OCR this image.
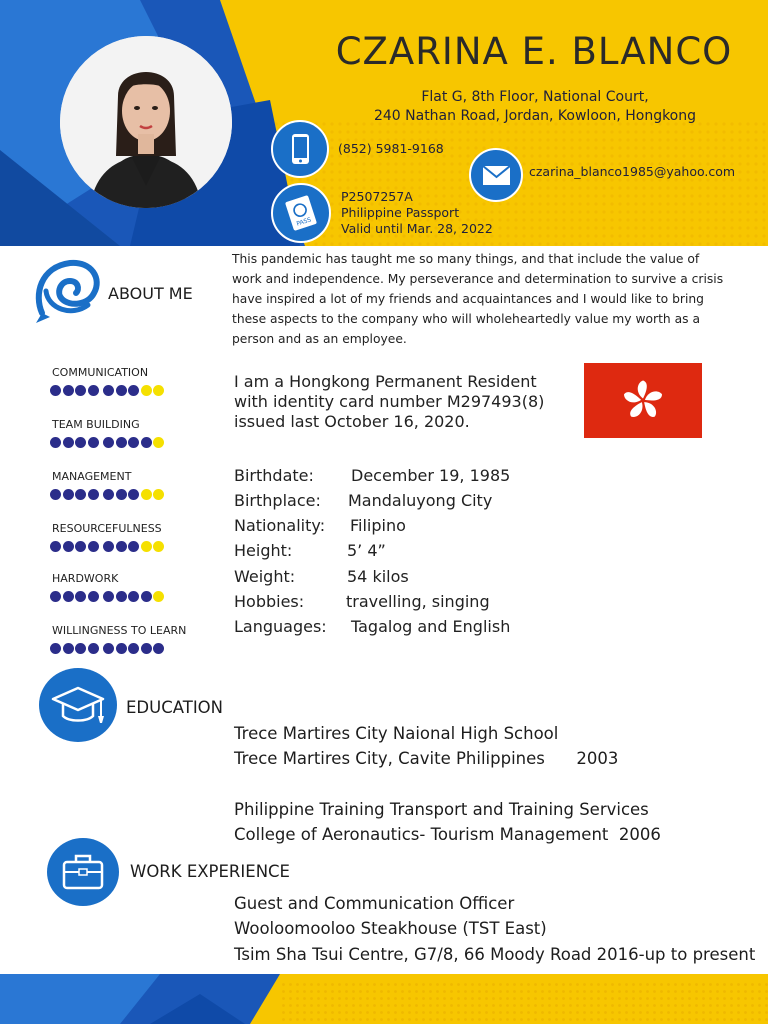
CZARINA E. BLANCO
Flat G, 8th Floor, National Court,
240 Nathan Road, Jordan, Kowloon, Hongkong
(852) 5981-9168
czarina_blanco1985@yahoo.com
PASS
P2507257A
Philippine Passport
Valid until Mar. 28, 2022
ABOUT ME
This pandemic has taught me so many things, and that include the value of work and independence. My perseverance and determination to survive a crisis have inspired a lot of my friends and acquaintances and I would like to bring these aspects to the company who will wholeheartedly value my worth as a person and as an employee.
COMMUNICATION
TEAM BUILDING
MANAGEMENT
RESOURCEFULNESS
HARDWORK
WILLINGNESS TO LEARN
I am a Hongkong Permanent Resident
with identity card number M297493(8)
issued last October 16, 2020.
Birthdate: December 19, 1985
Birthplace: Mandaluyong City
Nationality: Filipino
Height:	5’ 4”
Weight:	54 kilos
Hobbies:	travelling, singing
Languages: Tagalog and English
EDUCATION
Trece Martires City Naional High School
Trece Martires City, Cavite Philippines      2003
Philippine Training Transport and Training Services
College of Aeronautics- Tourism Management  2006
WORK EXPERIENCE
Guest and Communication Officer
Wooloomooloo Steakhouse (TST East)
Tsim Sha Tsui Centre, G7/8, 66 Moody Road 2016-up to present
